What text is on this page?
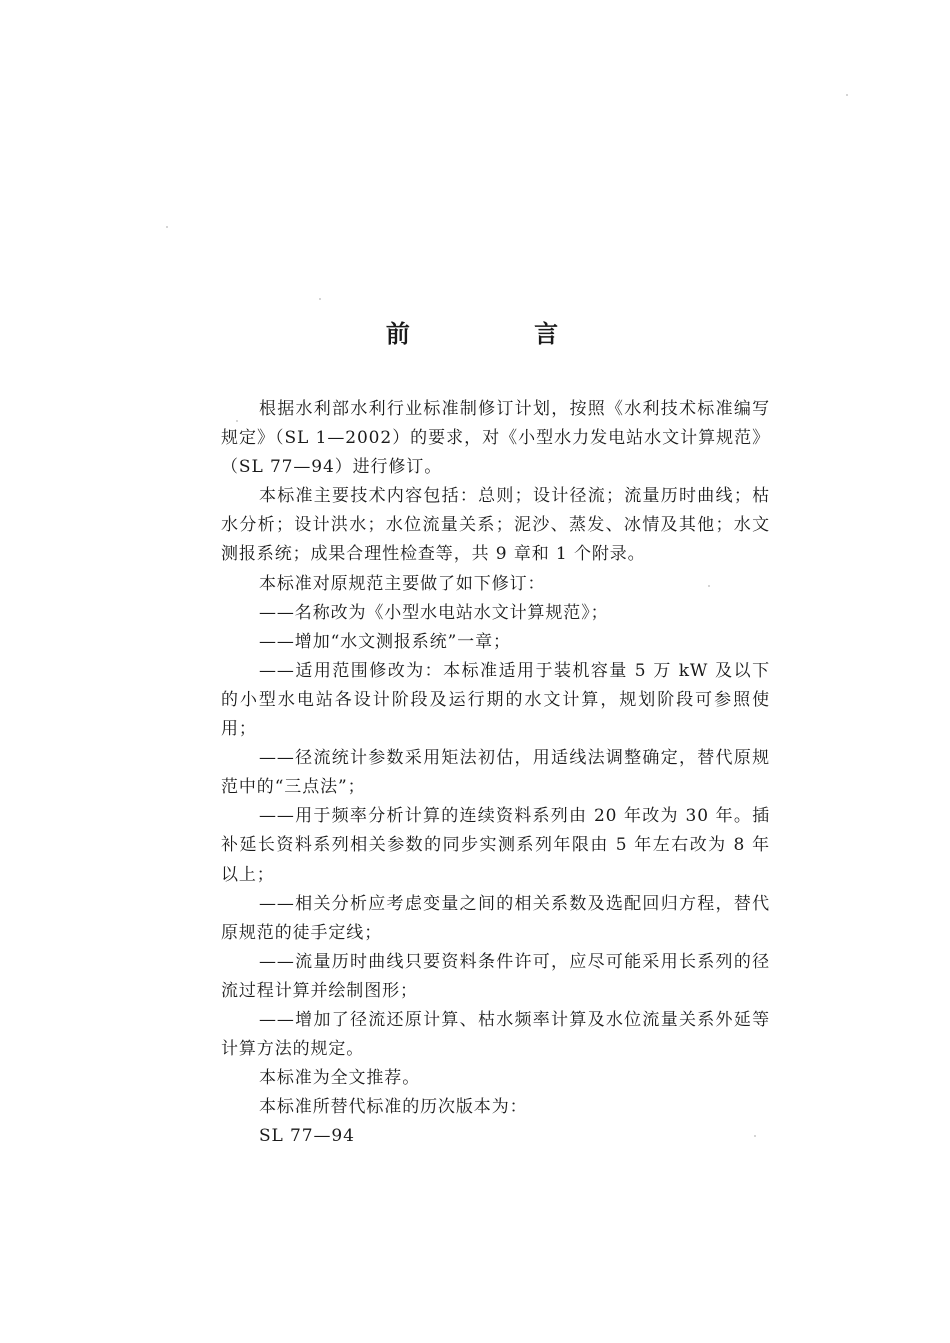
前 言

根据水利部水利行业标准制修订计划，按照《水利技术标准编写规定》（SL 1—2002）的要求，对《小型水力发电站水文计算规范》（SL 77—94）进行修订。

本标准主要技术内容包括：总则；设计径流；流量历时曲线；枯水分析；设计洪水；水位流量关系；泥沙、蒸发、冰情及其他；水文测报系统；成果合理性检查等，共 9 章和 1 个附录。

本标准对原规范主要做了如下修订：

——名称改为《小型水电站水文计算规范》；

——增加“水文测报系统”一章；

——适用范围修改为：本标准适用于装机容量 5 万 kW 及以下的小型水电站各设计阶段及运行期的水文计算，规划阶段可参照使用；

——径流统计参数采用矩法初估，用适线法调整确定，替代原规范中的“三点法”；

——用于频率分析计算的连续资料系列由 20 年改为 30 年。插补延长资料系列相关参数的同步实测系列年限由 5 年左右改为 8 年以上；

——相关分析应考虑变量之间的相关系数及选配回归方程，替代原规范的徒手定线；

——流量历时曲线只要资料条件许可，应尽可能采用长系列的径流过程计算并绘制图形；

——增加了径流还原计算、枯水频率计算及水位流量关系外延等计算方法的规定。

本标准为全文推荐。

本标准所替代标准的历次版本为：

SL 77—94
